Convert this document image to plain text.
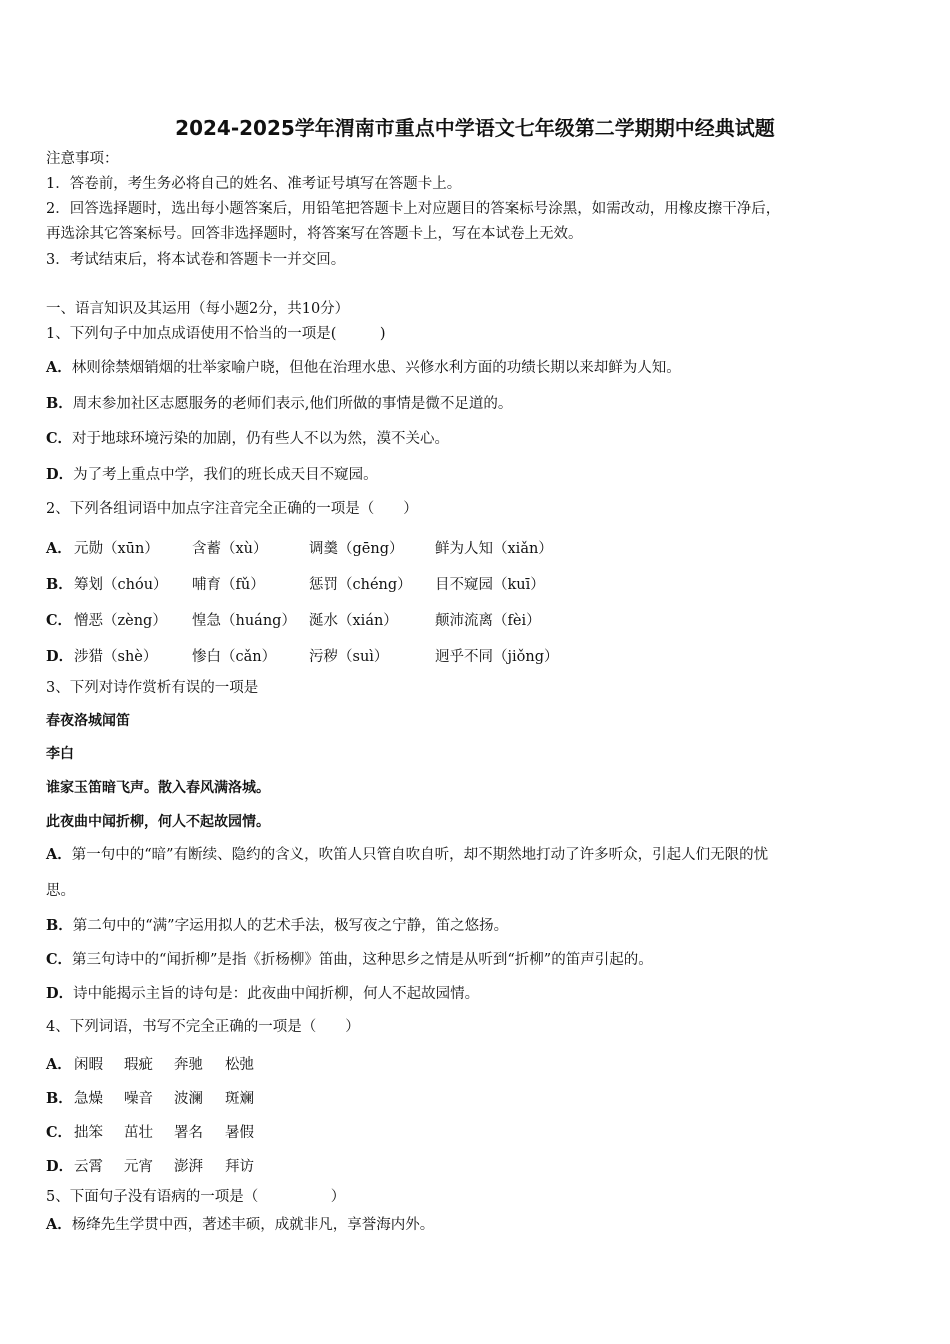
2024-2025学年渭南市重点中学语文七年级第二学期期中经典试题
注意事项：
1．答卷前，考生务必将自己的姓名、准考证号填写在答题卡上。
2．回答选择题时，选出每小题答案后，用铅笔把答题卡上对应题目的答案标号涂黑，如需改动，用橡皮擦干净后，
再选涂其它答案标号。回答非选择题时，将答案写在答题卡上，写在本试卷上无效。
3．考试结束后，将本试卷和答题卡一并交回。
一、语言知识及其运用（每小题2分，共10分）
1、下列句子中加点成语使用不恰当的一项是(　　　)
A．林则徐禁烟销烟的壮举家喻户晓，但他在治理水患、兴修水利方面的功绩长期以来却鲜为人知。
B．周末参加社区志愿服务的老师们表示,他们所做的事情是微不足道的。
C．对于地球环境污染的加剧，仍有些人不以为然，漠不关心。
D．为了考上重点中学，我们的班长成天目不窥园。
2、下列各组词语中加点字注音完全正确的一项是（　　）
A． 元勋（xūn） 含蓄（xù）	调羹（gēng） 鲜为人知（xiǎn）
B． 筹划（chóu） 哺育（fǔ）	惩罚（chéng） 目不窥园（kuī）
C． 憎恶（zèng） 惶急（huáng） 涎水（xián）	颠沛流离（fèi）
D． 涉猎（shè） 惨白（cǎn） 污秽（suì）	迥乎不同（jiǒng）
3、下列对诗作赏析有误的一项是
春夜洛城闻笛
李白
谁家玉笛暗飞声。散入春风满洛城。
此夜曲中闻折柳，何人不起故园情。
A．第一句中的“暗”有断续、隐约的含义，吹笛人只管自吹自听，却不期然地打动了许多听众，引起人们无限的忧
思。
B．第二句中的“满”字运用拟人的艺术手法，极写夜之宁静，笛之悠扬。
C．第三句诗中的“闻折柳”是指《折杨柳》笛曲，这种思乡之情是从听到“折柳”的笛声引起的。
D．诗中能揭示主旨的诗句是：此夜曲中闻折柳，何人不起故园情。
4、下列词语，书写不完全正确的一项是（　　）
A． 闲暇 瑕疵 奔驰 松弛
B． 急燥 噪音 波澜 斑斓
C． 拙笨 茁壮 署名 暑假
D． 云霄 元宵 澎湃 拜访
5、下面句子没有语病的一项是（　　　　　）
A．杨绛先生学贯中西，著述丰硕，成就非凡，享誉海内外。
